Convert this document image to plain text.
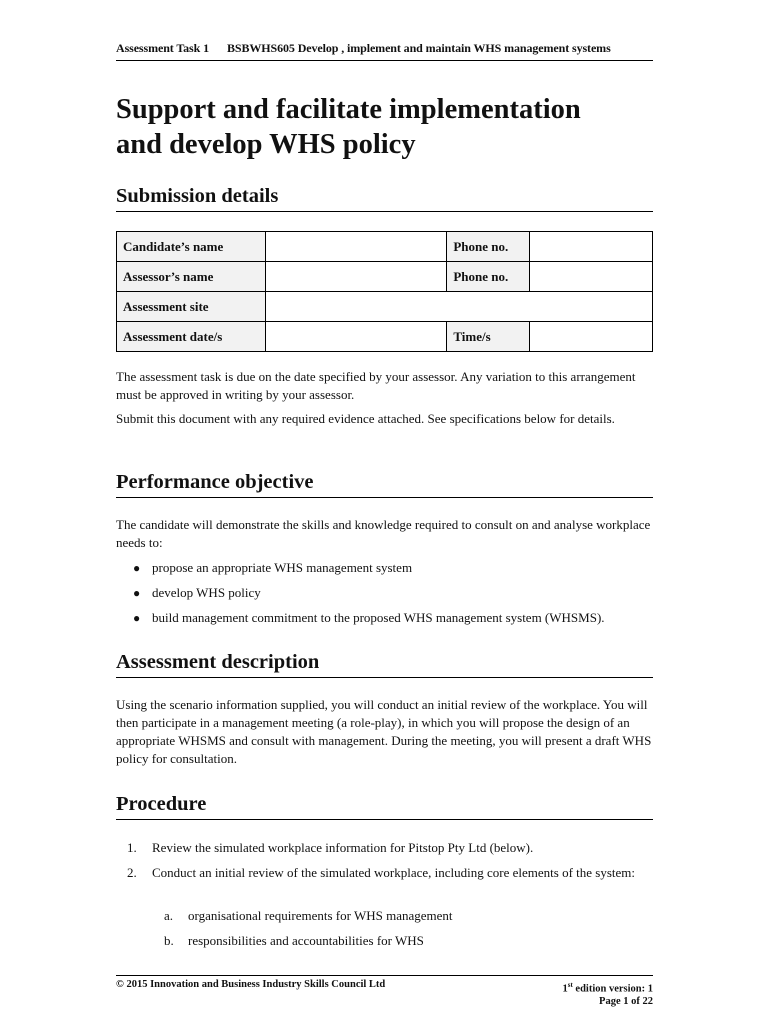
Assessment Task 1 BSBWHS605 Develop , implement and maintain WHS management systems
Support and facilitate implementation
and develop WHS policy
Submission details
Candidate’s name		Phone no.	
Assessor’s name		Phone no.	
Assessment site			
Assessment date/s		Time/s	

The assessment task is due on the date specified by your assessor. Any variation to this arrangement must be approved in writing by your assessor.

Submit this document with any required evidence attached. See specifications below for details.

Performance objective

The candidate will demonstrate the skills and knowledge required to consult on and analyse workplace needs to:

● propose an appropriate WHS management system
● develop WHS policy
● build management commitment to the proposed WHS management system (WHSMS).
Assessment description

Using the scenario information supplied, you will conduct an initial review of the workplace. You will then participate in a management meeting (a role-play), in which you will propose the design of an appropriate WHSMS and consult with management. During the meeting, you will present a draft WHS policy for consultation.

Procedure
1. Review the simulated workplace information for Pitstop Pty Ltd (below).
2. Conduct an initial review of the simulated workplace, including core elements of the system:
a. organisational requirements for WHS management
b. responsibilities and accountabilities for WHS
© 2015 Innovation and Business Industry Skills Council Ltd	1st edition version: 1
Page 1 of 22
